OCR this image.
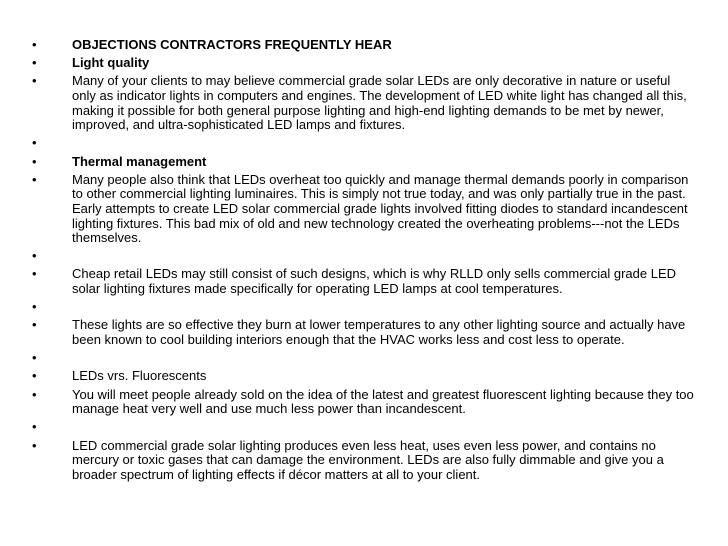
•	OBJECTIONS CONTRACTORS FREQUENTLY HEAR
•	Light quality
•	Many of your clients to may believe commercial grade solar LEDs are only decorative in nature or useful only as indicator lights in computers and engines. The development of LED white light has changed all this, making it possible for both general purpose lighting and high-end lighting demands to be met by newer, improved, and ultra-sophisticated LED lamps and fixtures.
•
•	Thermal management
•	Many people also think that LEDs overheat too quickly and manage thermal demands poorly in comparison to other commercial lighting luminaires. This is simply not true today, and was only partially true in the past. Early attempts to create LED solar commercial grade lights involved fitting diodes to standard incandescent lighting fixtures. This bad mix of old and new technology created the overheating problems---not the LEDs themselves.
•
•	Cheap retail LEDs may still consist of such designs, which is why RLLD only sells commercial grade LED solar lighting fixtures made specifically for operating LED lamps at cool temperatures.
•
•	These lights are so effective they burn at lower temperatures to any other lighting source and actually have been known to cool building interiors enough that the HVAC works less and cost less to operate.
•
•	LEDs vrs. Fluorescents
•	You will meet people already sold on the idea of the latest and greatest fluorescent lighting because they too manage heat very well and use much less power than incandescent.
•
•	LED commercial grade solar lighting produces even less heat, uses even less power, and contains no mercury or toxic gases that can damage the environment. LEDs are also fully dimmable and give you a broader spectrum of lighting effects if décor matters at all to your client.
